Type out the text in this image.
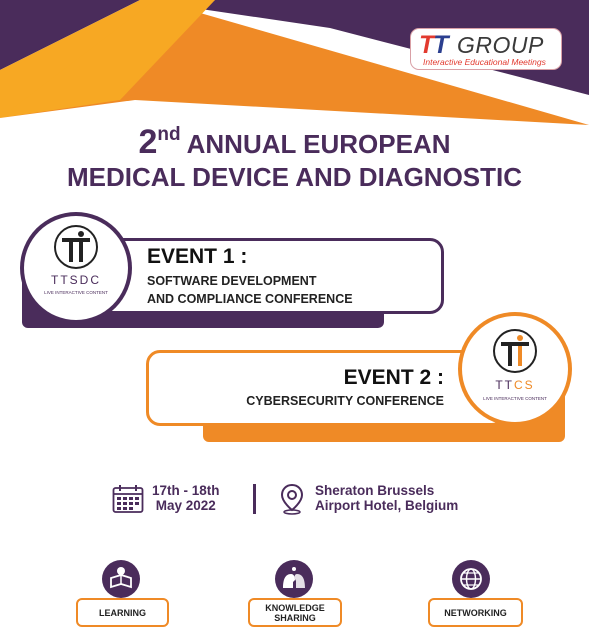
TT GROUP
Interactive Educational Meetings
2nd ANNUAL EUROPEAN
MEDICAL DEVICE AND DIAGNOSTIC
TTSDC
LIVE INTERACTIVE CONTENT
EVENT 1 :
SOFTWARE DEVELOPMENT
AND COMPLIANCE CONFERENCE
TTCS
LIVE INTERACTIVE CONTENT
EVENT 2 :
CYBERSECURITY CONFERENCE
17th - 18th
May 2022
Sheraton Brussels
Airport Hotel, Belgium
LEARNING	KNOWLEDGE
SHARING	NETWORKING
